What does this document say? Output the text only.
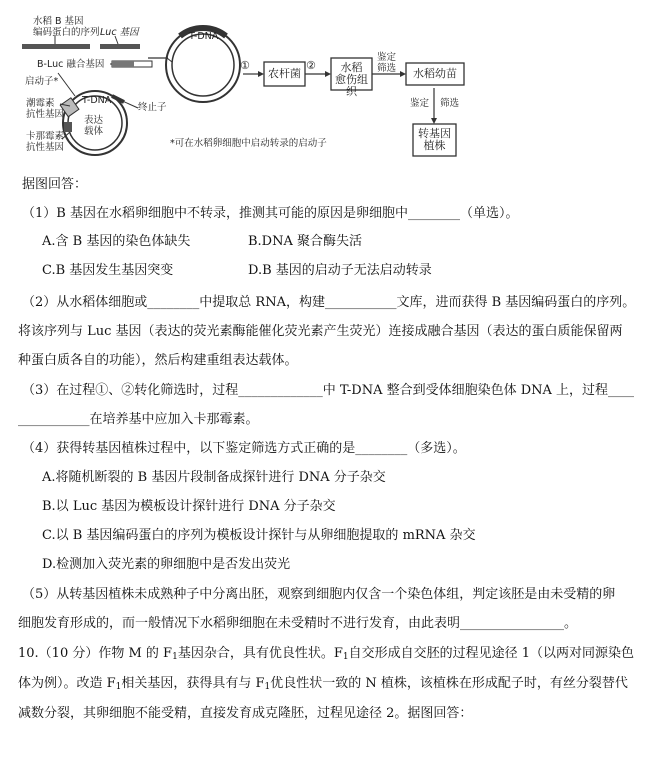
水稻 B 基因
编码蛋白的序列 Luc 基因
B-Luc 融合基因
启动子*
T-DNA
潮霉素
抗性基因
卡那霉素
抗性基因
表达
载体
终止子
T-DNA
①	②
农杆菌	水稻
愈伤组织
鉴定
筛选	水稻幼苗
鉴定 筛选
转基因
植株
*可在水稻卵细胞中启动转录的启动子
据图回答：
（1）B 基因在水稻卵细胞中不转录，推测其可能的原因是卵细胞中________（单选）。
A.含 B 基因的染色体缺失	B.DNA 聚合酶失活
C.B 基因发生基因突变	D.B 基因的启动子无法启动转录
（2）从水稻体细胞或________中提取总 RNA，构建___________文库，进而获得 B 基因编码蛋白的序列。
将该序列与 Luc 基因（表达的荧光素酶能催化荧光素产生荧光）连接成融合基因（表达的蛋白质能保留两
种蛋白质各自的功能），然后构建重组表达载体。
（3）在过程①、②转化筛选时，过程_____________中 T-DNA 整合到受体细胞染色体 DNA 上，过程____
___________在培养基中应加入卡那霉素。
（4）获得转基因植株过程中，以下鉴定筛选方式正确的是________（多选）。
A.将随机断裂的 B 基因片段制备成探针进行 DNA 分子杂交
B.以 Luc 基因为模板设计探针进行 DNA 分子杂交
C.以 B 基因编码蛋白的序列为模板设计探针与从卵细胞提取的 mRNA 杂交
D.检测加入荧光素的卵细胞中是否发出荧光
（5）从转基因植株未成熟种子中分离出胚，观察到细胞内仅含一个染色体组，判定该胚是由未受精的卵
细胞发育形成的，而一般情况下水稻卵细胞在未受精时不进行发育，由此表明________________。
10.（10 分）作物 M 的 $F_1$基因杂合，具有优良性状。$F_1$自交形成自交胚的过程见途径 1（以两对同源染色
体为例）。改造 $F_1$相关基因，获得具有与 $F_1$优良性状一致的 N 植株，该植株在形成配子时，有丝分裂替代
减数分裂，其卵细胞不能受精，直接发育成克隆胚，过程见途径 2。据图回答：
